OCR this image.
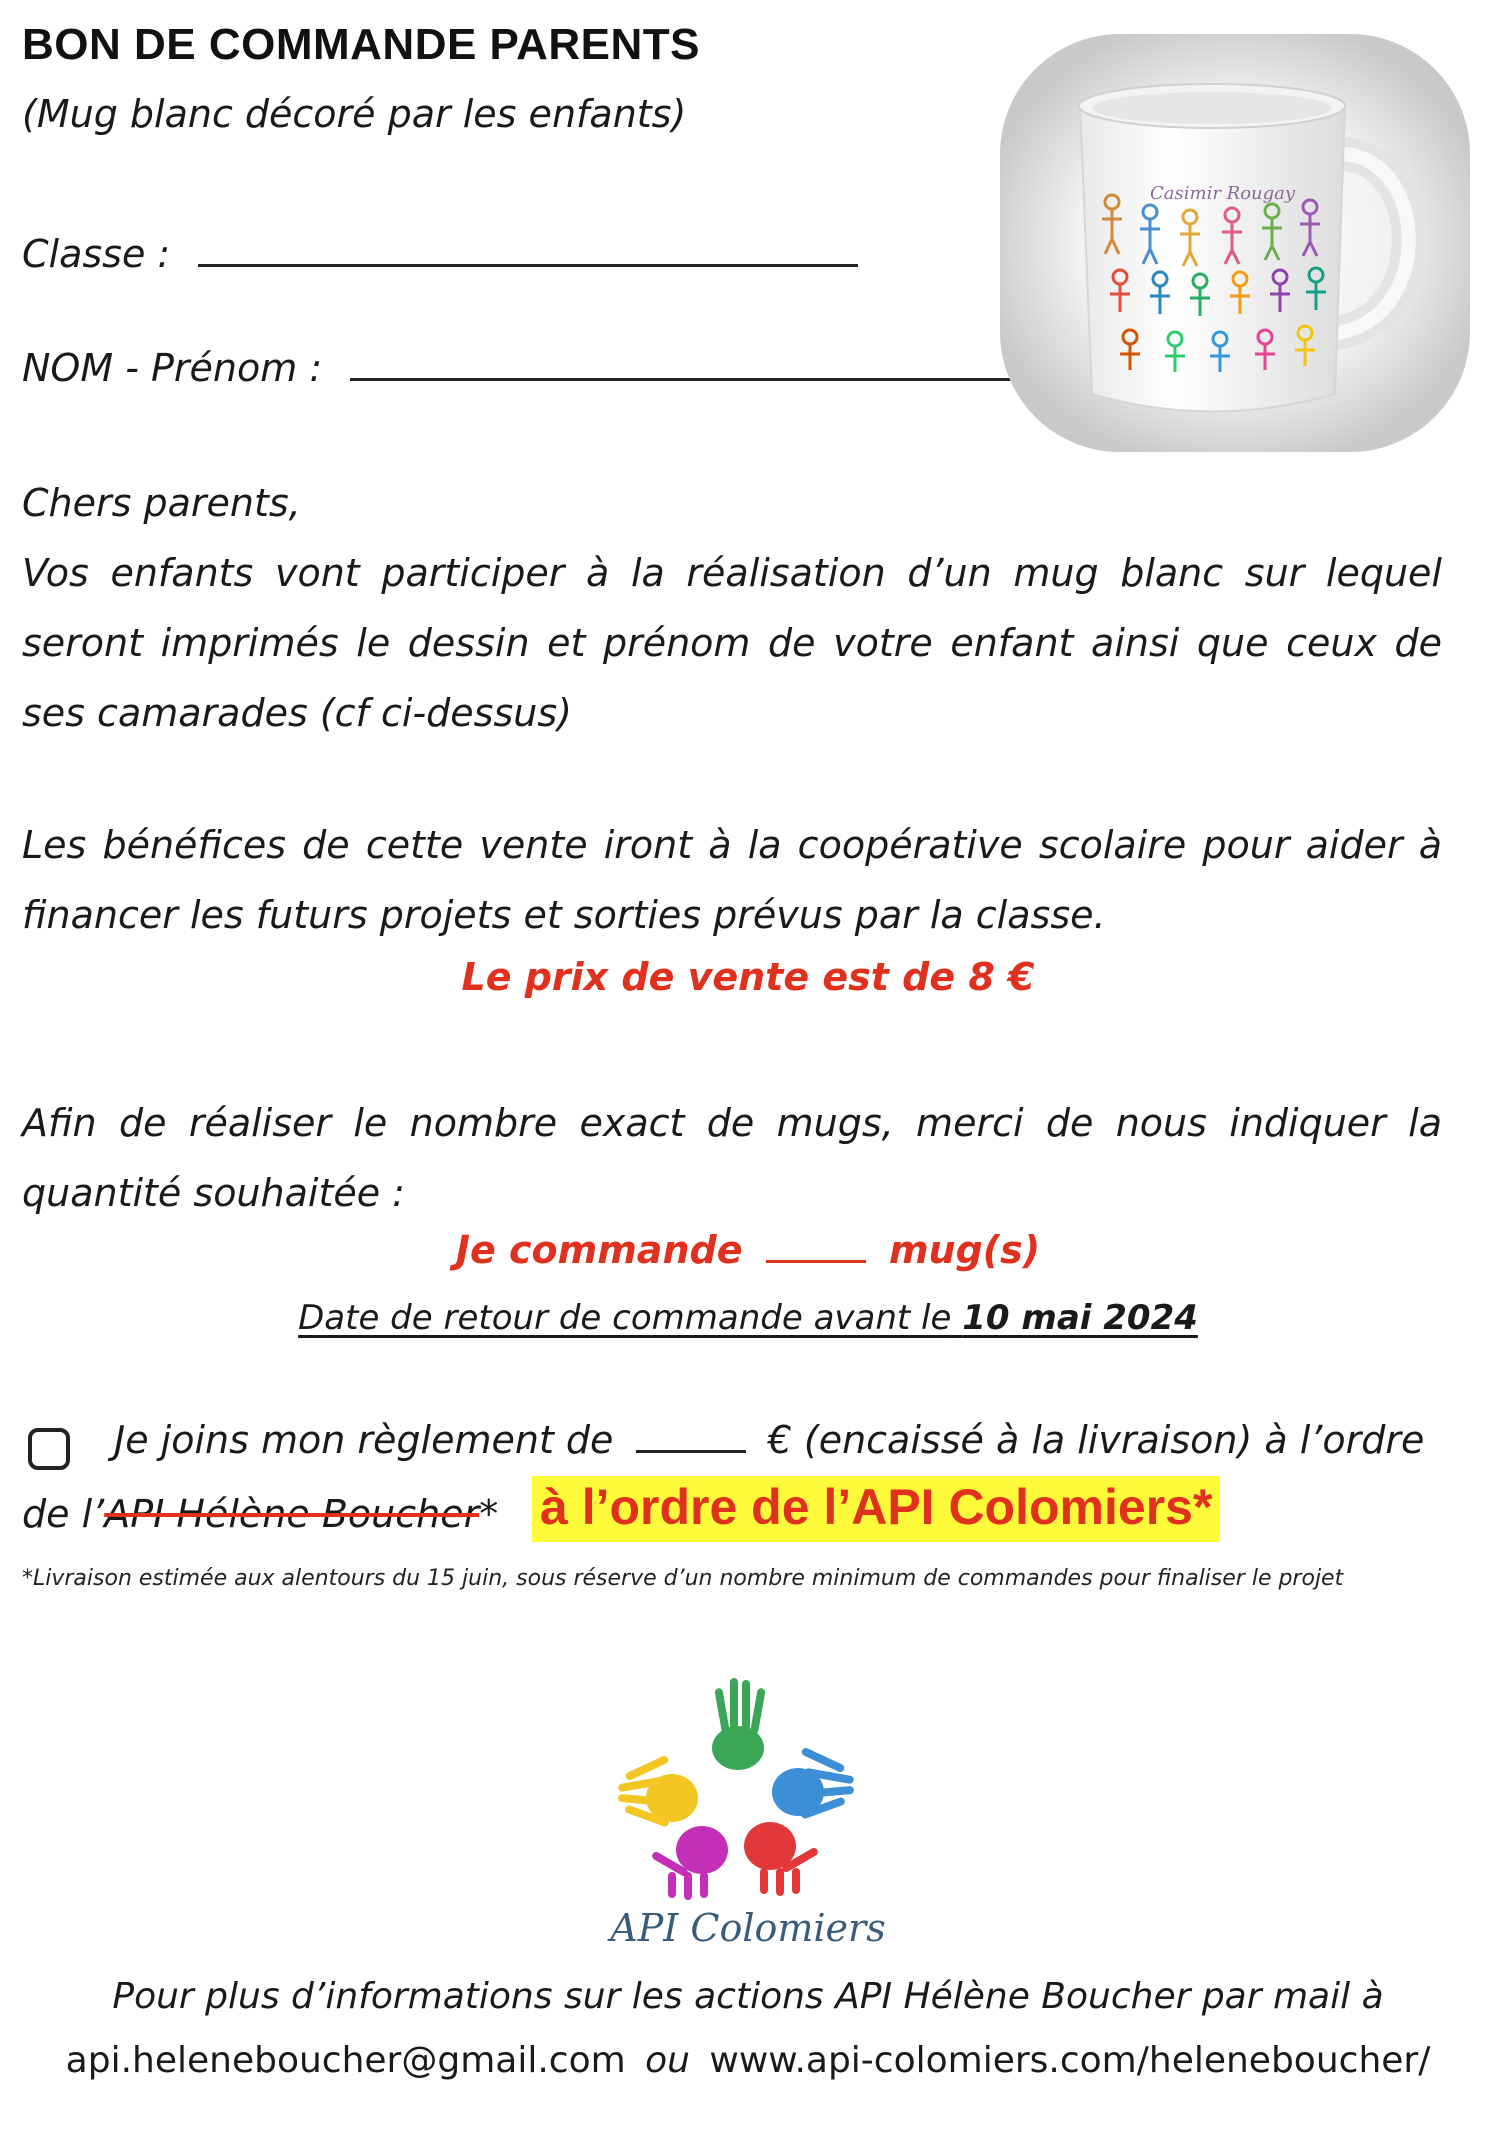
BON DE COMMANDE PARENTS
(Mug blanc décoré par les enfants)
Classe :
NOM - Prénom :
Casimir Rougay

Chers parents,

Vos enfants vont participer à la réalisation d’un mug blanc sur lequel seront imprimés le dessin et prénom de votre enfant ainsi que ceux de ses camarades (cf ci-dessus)

Les bénéfices de cette vente iront à la coopérative scolaire pour aider à financer les futurs projets et sorties prévus par la classe.

Le prix de vente est de 8 €

Afin de réaliser le nombre exact de mugs, merci de nous indiquer la quantité souhaitée :

Je commande	mug(s)
Date de retour de commande avant le 10 mai 2024
Je joins mon règlement de	€ (encaissé à la livraison) à l’ordre
de l’API Hélène Boucher* à l’ordre de l’API Colomiers*
*Livraison estimée aux alentours du 15 juin, sous réserve d’un nombre minimum de commandes pour finaliser le projet
API Colomiers
Pour plus d’informations sur les actions API Hélène Boucher par mail à
api.heleneboucher@gmail.com ou www.api-colomiers.com/heleneboucher/
